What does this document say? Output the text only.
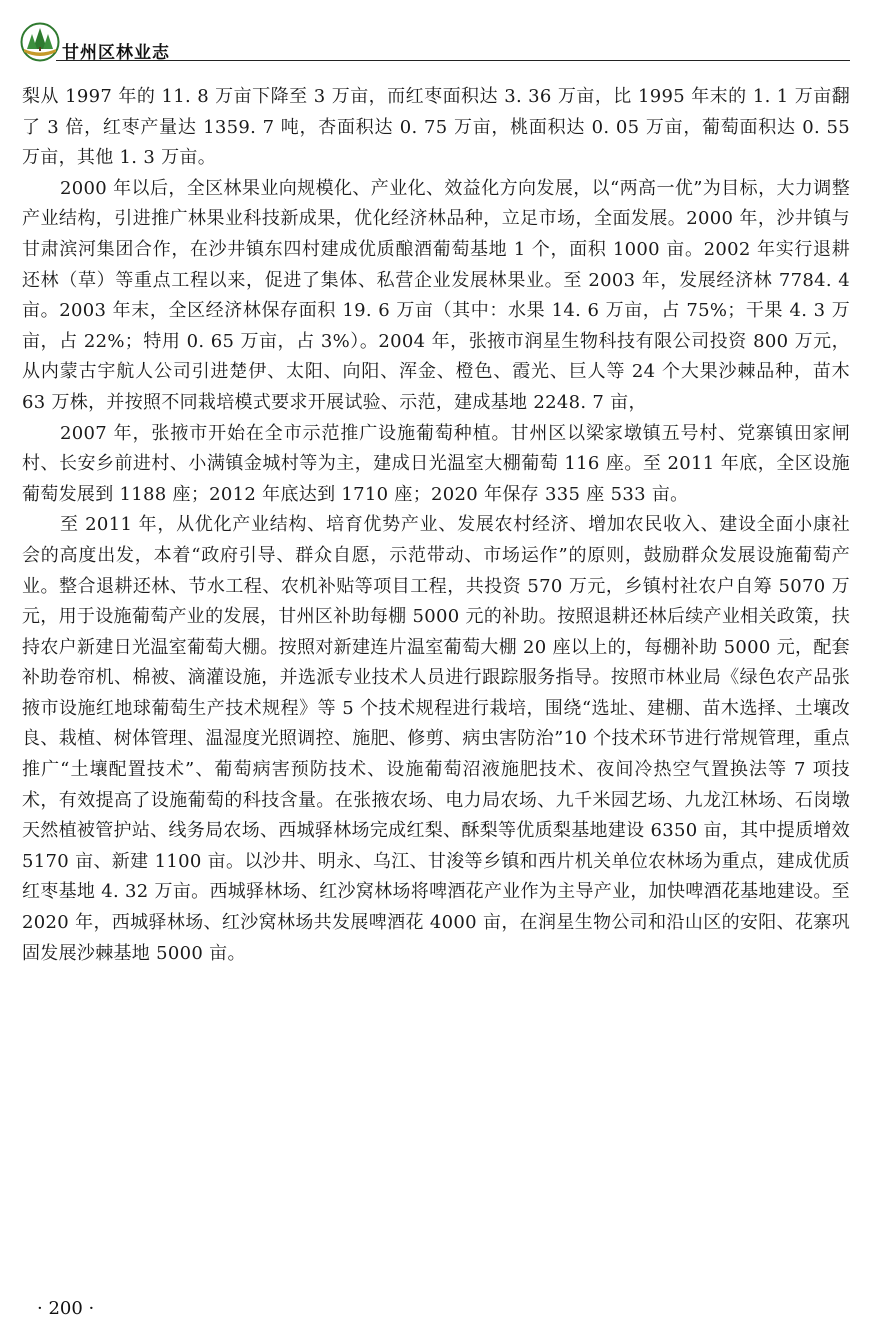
甘州区林业志

梨从 1997 年的 11. 8 万亩下降至 3 万亩，而红枣面积达 3. 36 万亩，比 1995 年末的 1. 1 万亩翻了 3 倍，红枣产量达 1359. 7 吨，杏面积达 0. 75 万亩，桃面积达 0. 05 万亩，葡萄面积达 0. 55 万亩，其他 1. 3 万亩。

2000 年以后，全区林果业向规模化、产业化、效益化方向发展，以“两高一优”为目标，大力调整产业结构，引进推广林果业科技新成果，优化经济林品种，立足市场，全面发展。2000 年，沙井镇与甘肃滨河集团合作，在沙井镇东四村建成优质酿酒葡萄基地 1 个，面积 1000 亩。2002 年实行退耕还林（草）等重点工程以来，促进了集体、私营企业发展林果业。至 2003 年，发展经济林 7784. 4 亩。2003 年末，全区经济林保存面积 19. 6 万亩（其中：水果 14. 6 万亩，占 75%；干果 4. 3 万亩，占 22%；特用 0. 65 万亩，占 3%）。2004 年，张掖市润星生物科技有限公司投资 800 万元，从内蒙古宇航人公司引进楚伊、太阳、向阳、浑金、橙色、霞光、巨人等 24 个大果沙棘品种，苗木 63 万株，并按照不同栽培模式要求开展试验、示范，建成基地 2248. 7 亩，

2007 年，张掖市开始在全市示范推广设施葡萄种植。甘州区以梁家墩镇五号村、党寨镇田家闸村、长安乡前进村、小满镇金城村等为主，建成日光温室大棚葡萄 116 座。至 2011 年底，全区设施葡萄发展到 1188 座；2012 年底达到 1710 座；2020 年保存 335 座 533 亩。

至 2011 年，从优化产业结构、培育优势产业、发展农村经济、增加农民收入、建设全面小康社会的高度出发，本着“政府引导、群众自愿，示范带动、市场运作”的原则，鼓励群众发展设施葡萄产业。整合退耕还林、节水工程、农机补贴等项目工程，共投资 570 万元，乡镇村社农户自筹 5070 万元，用于设施葡萄产业的发展，甘州区补助每棚 5000 元的补助。按照退耕还林后续产业相关政策，扶持农户新建日光温室葡萄大棚。按照对新建连片温室葡萄大棚 20 座以上的，每棚补助 5000 元，配套补助卷帘机、棉被、滴灌设施，并选派专业技术人员进行跟踪服务指导。按照市林业局《绿色农产品张掖市设施红地球葡萄生产技术规程》等 5 个技术规程进行栽培，围绕“选址、建棚、苗木选择、土壤改良、栽植、树体管理、温湿度光照调控、施肥、修剪、病虫害防治”10 个技术环节进行常规管理，重点推广“土壤配置技术”、葡萄病害预防技术、设施葡萄沼液施肥技术、夜间冷热空气置换法等 7 项技术，有效提高了设施葡萄的科技含量。在张掖农场、电力局农场、九千米园艺场、九龙江林场、石岗墩天然植被管护站、线务局农场、西城驿林场完成红梨、酥梨等优质梨基地建设 6350 亩，其中提质增效 5170 亩、新建 1100 亩。以沙井、明永、乌江、甘浚等乡镇和西片机关单位农林场为重点，建成优质红枣基地 4. 32 万亩。西城驿林场、红沙窝林场将啤酒花产业作为主导产业，加快啤酒花基地建设。至 2020 年，西城驿林场、红沙窝林场共发展啤酒花 4000 亩，在润星生物公司和沿山区的安阳、花寨巩固发展沙棘基地 5000 亩。

· 200 ·
